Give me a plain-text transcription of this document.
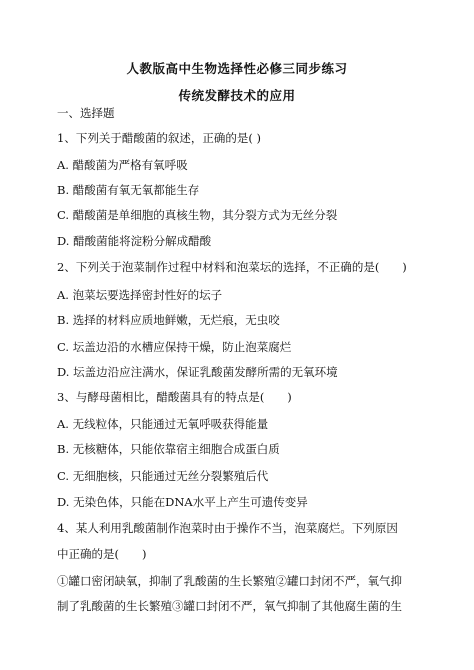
人教版高中生物选择性必修三同步练习
传统发酵技术的应用
一、选择题
1、下列关于醋酸菌的叙述，正确的是( )
A. 醋酸菌为严格有氧呼吸
B. 醋酸菌有氧无氧都能生存
C. 醋酸菌是单细胞的真核生物，其分裂方式为无丝分裂
D. 醋酸菌能将淀粉分解成醋酸
2、下列关于泡菜制作过程中材料和泡菜坛的选择，不正确的是(　　)
A. 泡菜坛要选择密封性好的坛子
B. 选择的材料应质地鲜嫩，无烂痕，无虫咬
C. 坛盖边沿的水槽应保持干燥，防止泡菜腐烂
D. 坛盖边沿应注满水，保证乳酸菌发酵所需的无氧环境
3、与酵母菌相比，醋酸菌具有的特点是(　　)
A. 无线粒体，只能通过无氧呼吸获得能量
B. 无核糖体，只能依靠宿主细胞合成蛋白质
C. 无细胞核，只能通过无丝分裂繁殖后代
D. 无染色体，只能在DNA水平上产生可遗传变异
4、某人利用乳酸菌制作泡菜时由于操作不当，泡菜腐烂。下列原因
中正确的是(　　)
①罐口密闭缺氧，抑制了乳酸菌的生长繁殖②罐口封闭不严，氧气抑
制了乳酸菌的生长繁殖③罐口封闭不严，氧气抑制了其他腐生菌的生
